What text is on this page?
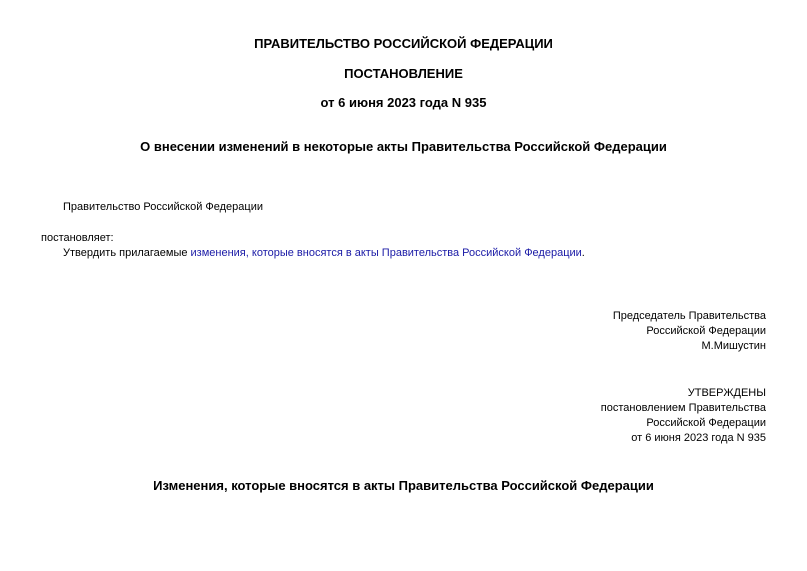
ПРАВИТЕЛЬСТВО РОССИЙСКОЙ ФЕДЕРАЦИИ
ПОСТАНОВЛЕНИЕ
от 6 июня 2023 года N 935
О внесении изменений в некоторые акты Правительства Российской Федерации
Правительство Российской Федерации
постановляет:
Утвердить прилагаемые изменения, которые вносятся в акты Правительства Российской Федерации.
Председатель Правительства
Российской Федерации
М.Мишустин
УТВЕРЖДЕНЫ
постановлением Правительства
Российской Федерации
от 6 июня 2023 года N 935
Изменения, которые вносятся в акты Правительства Российской Федерации
